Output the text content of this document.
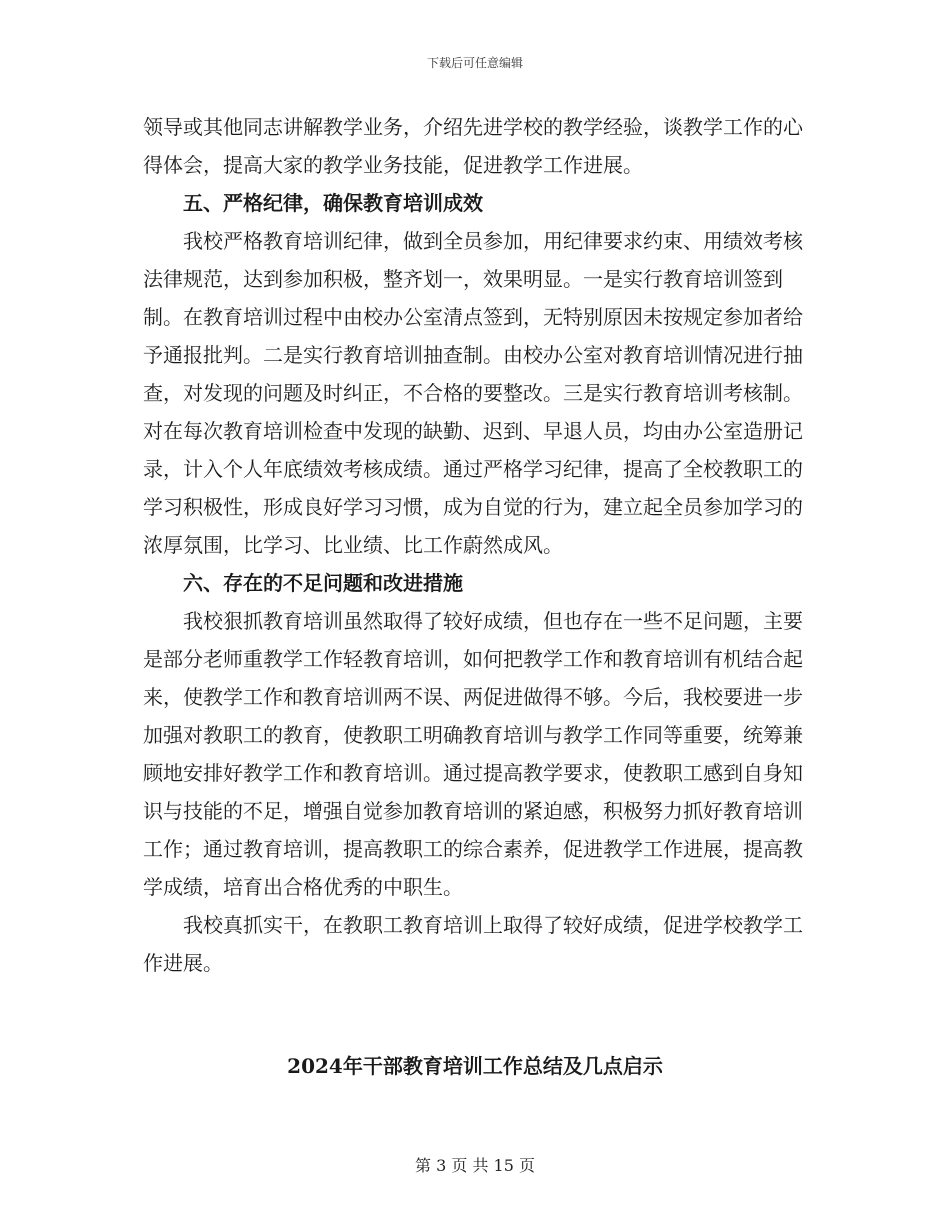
下载后可任意编辑

领导或其他同志讲解教学业务，介绍先进学校的教学经验，谈教学工作的心得体会，提高大家的教学业务技能，促进教学工作进展。

五、严格纪律，确保教育培训成效

我校严格教育培训纪律，做到全员参加，用纪律要求约束、用绩效考核法律规范，达到参加积极，整齐划一，效果明显。一是实行教育培训签到制。在教育培训过程中由校办公室清点签到，无特别原因未按规定参加者给予通报批判。二是实行教育培训抽查制。由校办公室对教育培训情况进行抽查，对发现的问题及时纠正，不合格的要整改。三是实行教育培训考核制。对在每次教育培训检查中发现的缺勤、迟到、早退人员，均由办公室造册记录，计入个人年底绩效考核成绩。通过严格学习纪律，提高了全校教职工的学习积极性，形成良好学习习惯，成为自觉的行为，建立起全员参加学习的浓厚氛围，比学习、比业绩、比工作蔚然成风。

六、存在的不足问题和改进措施

我校狠抓教育培训虽然取得了较好成绩，但也存在一些不足问题，主要是部分老师重教学工作轻教育培训，如何把教学工作和教育培训有机结合起来，使教学工作和教育培训两不误、两促进做得不够。今后，我校要进一步加强对教职工的教育，使教职工明确教育培训与教学工作同等重要，统筹兼顾地安排好教学工作和教育培训。通过提高教学要求，使教职工感到自身知识与技能的不足，增强自觉参加教育培训的紧迫感，积极努力抓好教育培训工作；通过教育培训，提高教职工的综合素养，促进教学工作进展，提高教学成绩，培育出合格优秀的中职生。

我校真抓实干，在教职工教育培训上取得了较好成绩，促进学校教学工作进展。

2024年干部教育培训工作总结及几点启示
第 3 页 共 15 页
